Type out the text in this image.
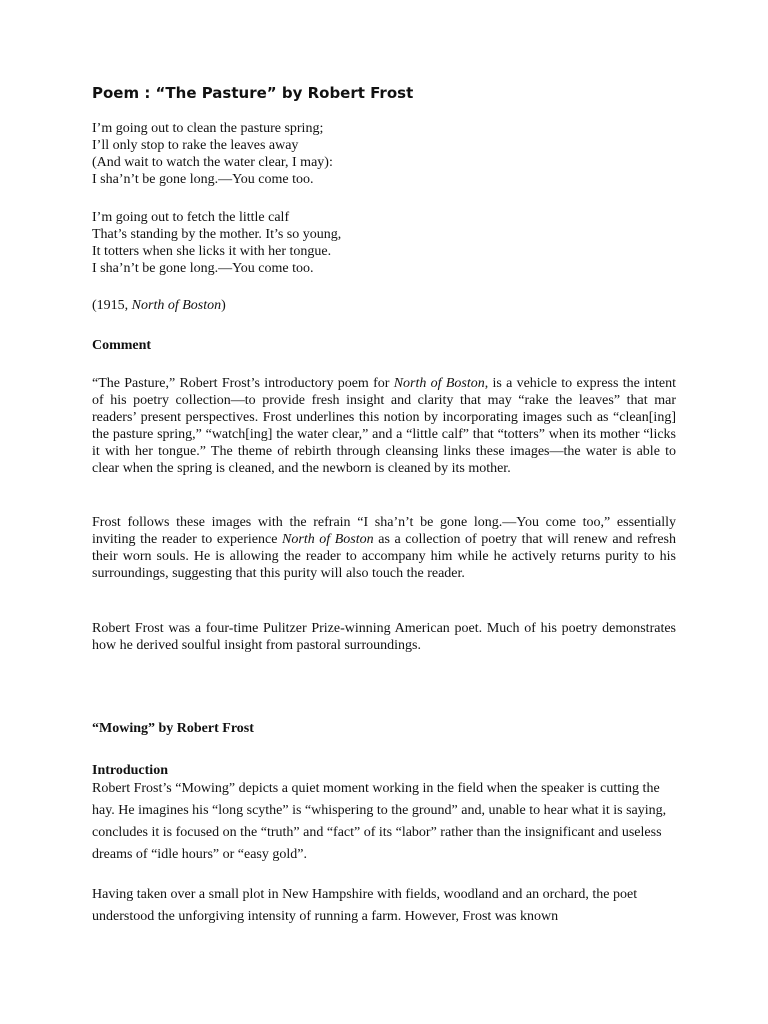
Poem : “The Pasture” by Robert Frost

I’m going out to clean the pasture spring;
I’ll only stop to rake the leaves away
(And wait to watch the water clear, I may):
I sha’n’t be gone long.—You come too.

I’m going out to fetch the little calf
That’s standing by the mother. It’s so young,
It totters when she licks it with her tongue.
I sha’n’t be gone long.—You come too.

(1915, North of Boston)

Comment

“The Pasture,” Robert Frost’s introductory poem for North of Boston, is a vehicle to express the intent of his poetry collection—to provide fresh insight and clarity that may “rake the leaves” that mar readers’ present perspectives. Frost underlines this notion by incorporating images such as “clean[ing] the pasture spring,” “watch[ing] the water clear,” and a “little calf” that “totters” when its mother “licks it with her tongue.” The theme of rebirth through cleansing links these images—the water is able to clear when the spring is cleaned, and the newborn is cleaned by its mother.

Frost follows these images with the refrain “I sha’n’t be gone long.—You come too,” essentially inviting the reader to experience North of Boston as a collection of poetry that will renew and refresh their worn souls. He is allowing the reader to accompany him while he actively returns purity to his surroundings, suggesting that this purity will also touch the reader.

Robert Frost was a four-time Pulitzer Prize-winning American poet. Much of his poetry demonstrates how he derived soulful insight from pastoral surroundings.

“Mowing” by Robert Frost

Introduction

Robert Frost’s “Mowing” depicts a quiet moment working in the field when the speaker is cutting the hay. He imagines his “long scythe” is “whispering to the ground” and, unable to hear what it is saying, concludes it is focused on the “truth” and “fact” of its “labor” rather than the insignificant and useless dreams of “idle hours” or “easy gold”.

Having taken over a small plot in New Hampshire with fields, woodland and an orchard, the poet understood the unforgiving intensity of running a farm. However, Frost was known
